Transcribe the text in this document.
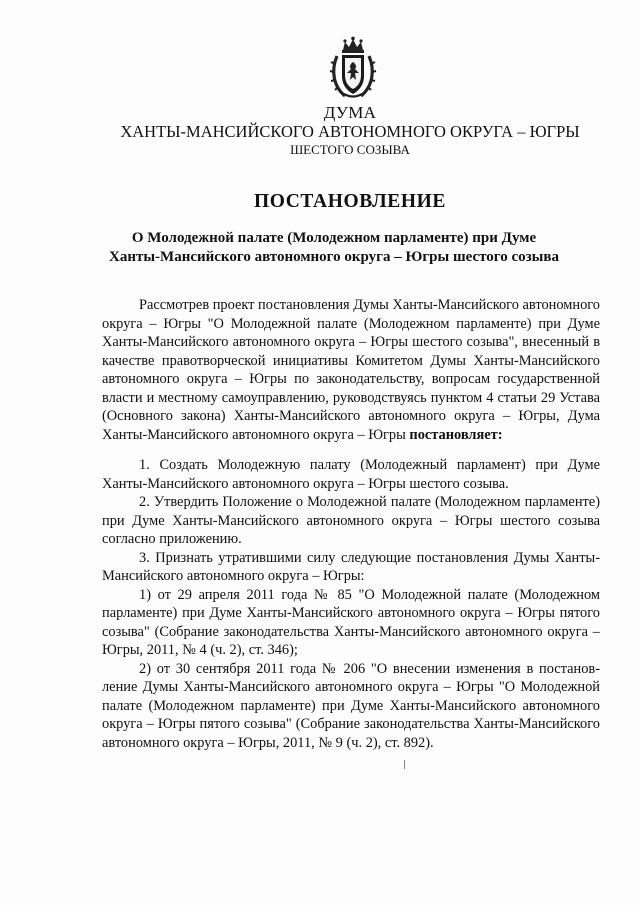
ДУМА
ХАНТЫ-МАНСИЙСКОГО АВТОНОМНОГО ОКРУГА – ЮГРЫ
ШЕСТОГО СОЗЫВА
ПОСТАНОВЛЕНИЕ
О Молодежной палате (Молодежном парламенте) при Думе
Ханты-Мансийского автономного округа – Югры шестого созыва

Рассмотрев проект постановления Думы Ханты-Мансийского автономного округа – Югры "О Молодежной палате (Молодежном парламенте) при Думе Ханты-Мансийского автономного округа – Югры шестого созыва", внесенный в качестве правотворческой инициативы Комитетом Думы Ханты-Мансийского автономного округа – Югры по законодательству, вопросам государственной власти и местному самоуправлению, руководствуясь пунктом 4 статьи 29 Устава (Основного закона) Ханты-Мансийского автономного округа – Югры, Дума Ханты-Мансийского автономного округа – Югры постановляет:

1. Создать Молодежную палату (Молодежный парламент) при Думе Ханты-Мансийского автономного округа – Югры шестого созыва.

2. Утвердить Положение о Молодежной палате (Молодежном парламенте) при Думе Ханты-Мансийского автономного округа – Югры шестого созыва согласно приложению.

3. Признать утратившими силу следующие постановления Думы Ханты-Мансийского автономного округа – Югры:

1) от 29 апреля 2011 года № 85 "О Молодежной палате (Молодежном парламенте) при Думе Ханты-Мансийского автономного округа – Югры пятого созыва" (Собрание законодательства Ханты-Мансийского автономного округа – Югры, 2011, № 4 (ч. 2), ст. 346);

2) от 30 сентября 2011 года № 206 "О внесении изменения в постановление Думы Ханты-Мансийского автономного округа – Югры "О Молодежной палате (Молодежном парламенте) при Думе Ханты-Мансийского автономного округа – Югры пятого созыва" (Собрание законодательства Ханты-Мансийского автономного округа – Югры, 2011, № 9 (ч. 2), ст. 892).
